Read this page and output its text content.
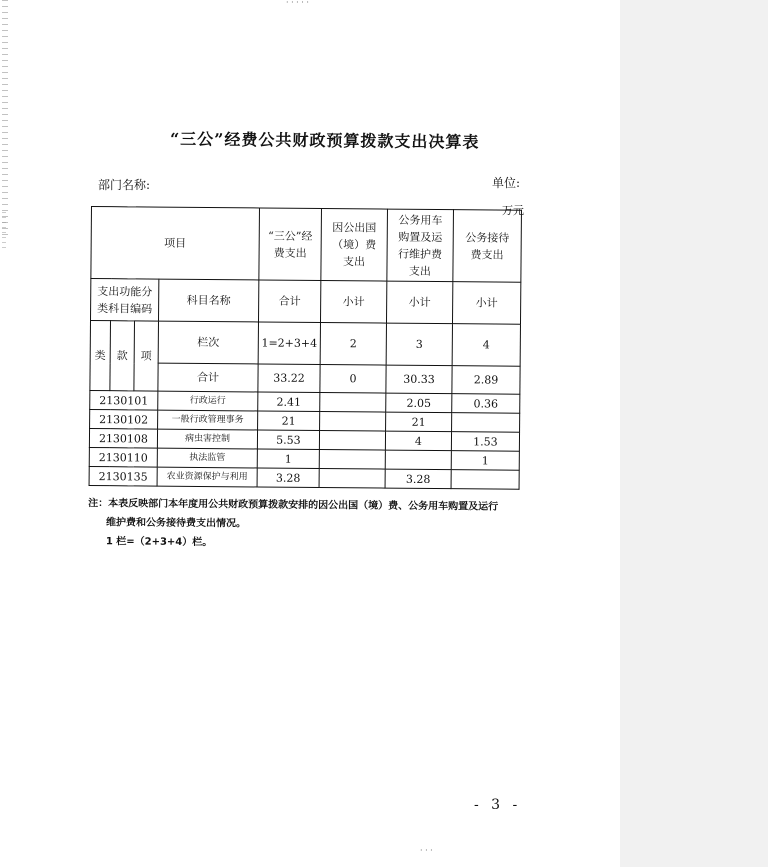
· · · · ·
· · ·
“三公”经费公共财政预算拨款支出决算表
部门名称:	单位:
万元
项目				“三公”经费支出	因公出国（境）费支出	公务用车购置及运行维护费支出	公务接待费支出

支出功能分类科目编码			科目名称	合计	小计	小计	小计
类	款	项	栏次	1=2+3+4	2	3	4
			合计	33.22	0	30.33	2.89
2130101			行政运行	2.41		2.05	0.36
2130102			一般行政管理事务	21		21	
2130108			病虫害控制	5.53		4	1.53
2130110			执法监管	1			1
2130135			农业资源保护与利用	3.28		3.28	
注：本表反映部门本年度用公共财政预算拨款安排的因公出国（境）费、公务用车购置及运行
维护费和公务接待费支出情况。
1 栏=（2+3+4）栏。
- 3 -
